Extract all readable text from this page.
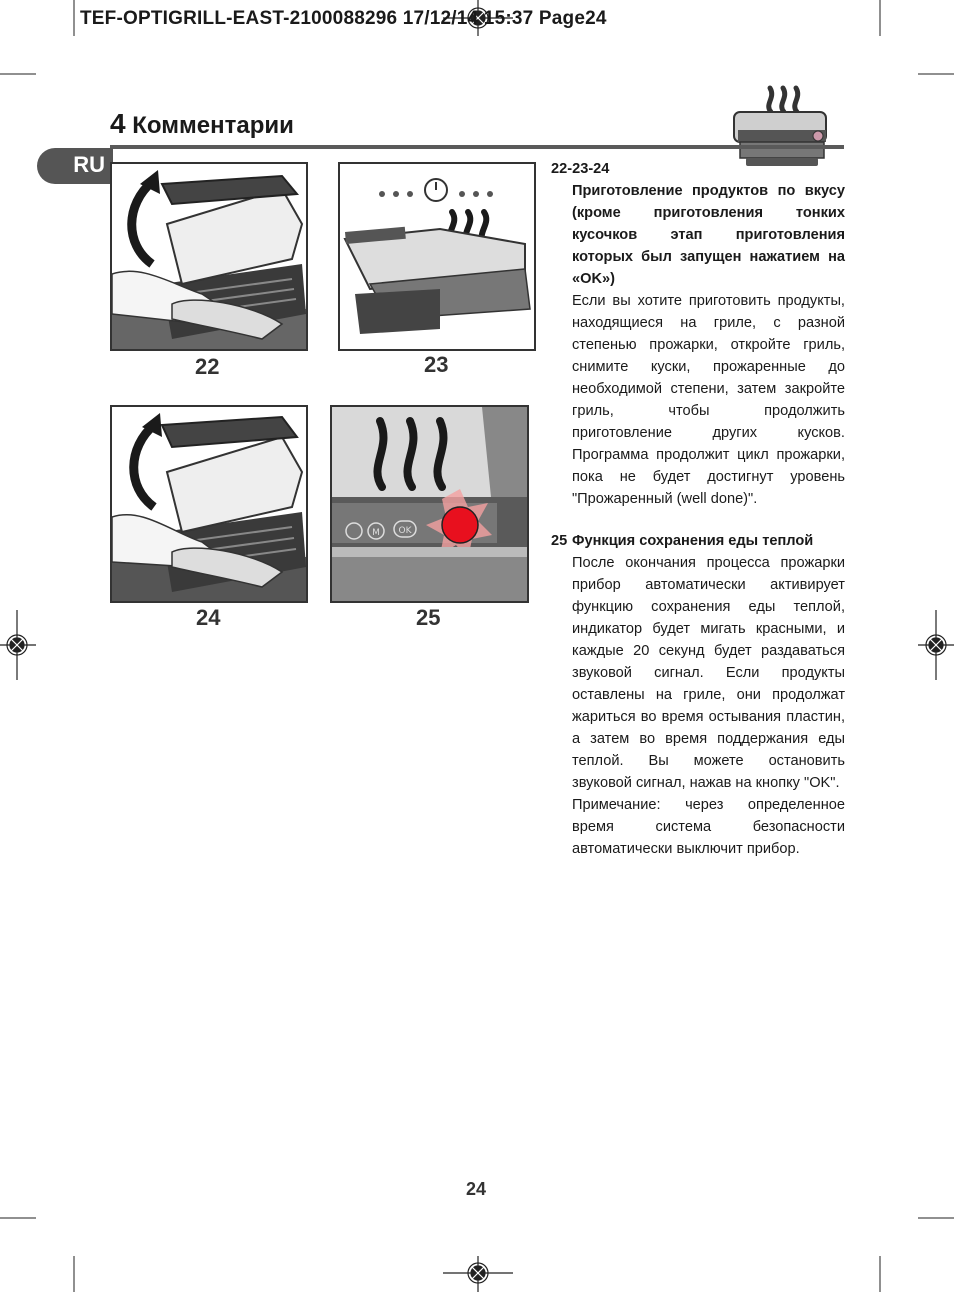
TEF-OPTIGRILL-EAST-2100088296 17/12/14 15:37 Page24
4 Комментарии
RU
22	23
24
M OK
25
22-23-24
Приготовление продуктов по вкусу (кроме приготовления тонких кусочков этап приготовления которых был запущен нажатием на «OK»)
Если вы хотите приготовить продукты, находящиеся на гриле, с разной степенью прожарки, откройте гриль, снимите куски, прожаренные до необходимой степени, затем закройте гриль, чтобы продолжить приготовление других кусков. Программа продолжит цикл прожарки, пока не будет достигнут уровень "Прожаренный (well done)".
25 Функция сохранения еды теплой
После окончания процесса прожарки прибор автоматически активирует функцию сохранения еды теплой, индикатор будет мигать красными, и каждые 20 секунд будет раздаваться звуковой сигнал. Если продукты оставлены на гриле, они продолжат жариться во время остывания пластин, а затем во время поддержания еды теплой. Вы можете остановить звуковой сигнал, нажав на кнопку "OK".
Примечание: через определенное время система безопасности автоматически выключит прибор.
24
